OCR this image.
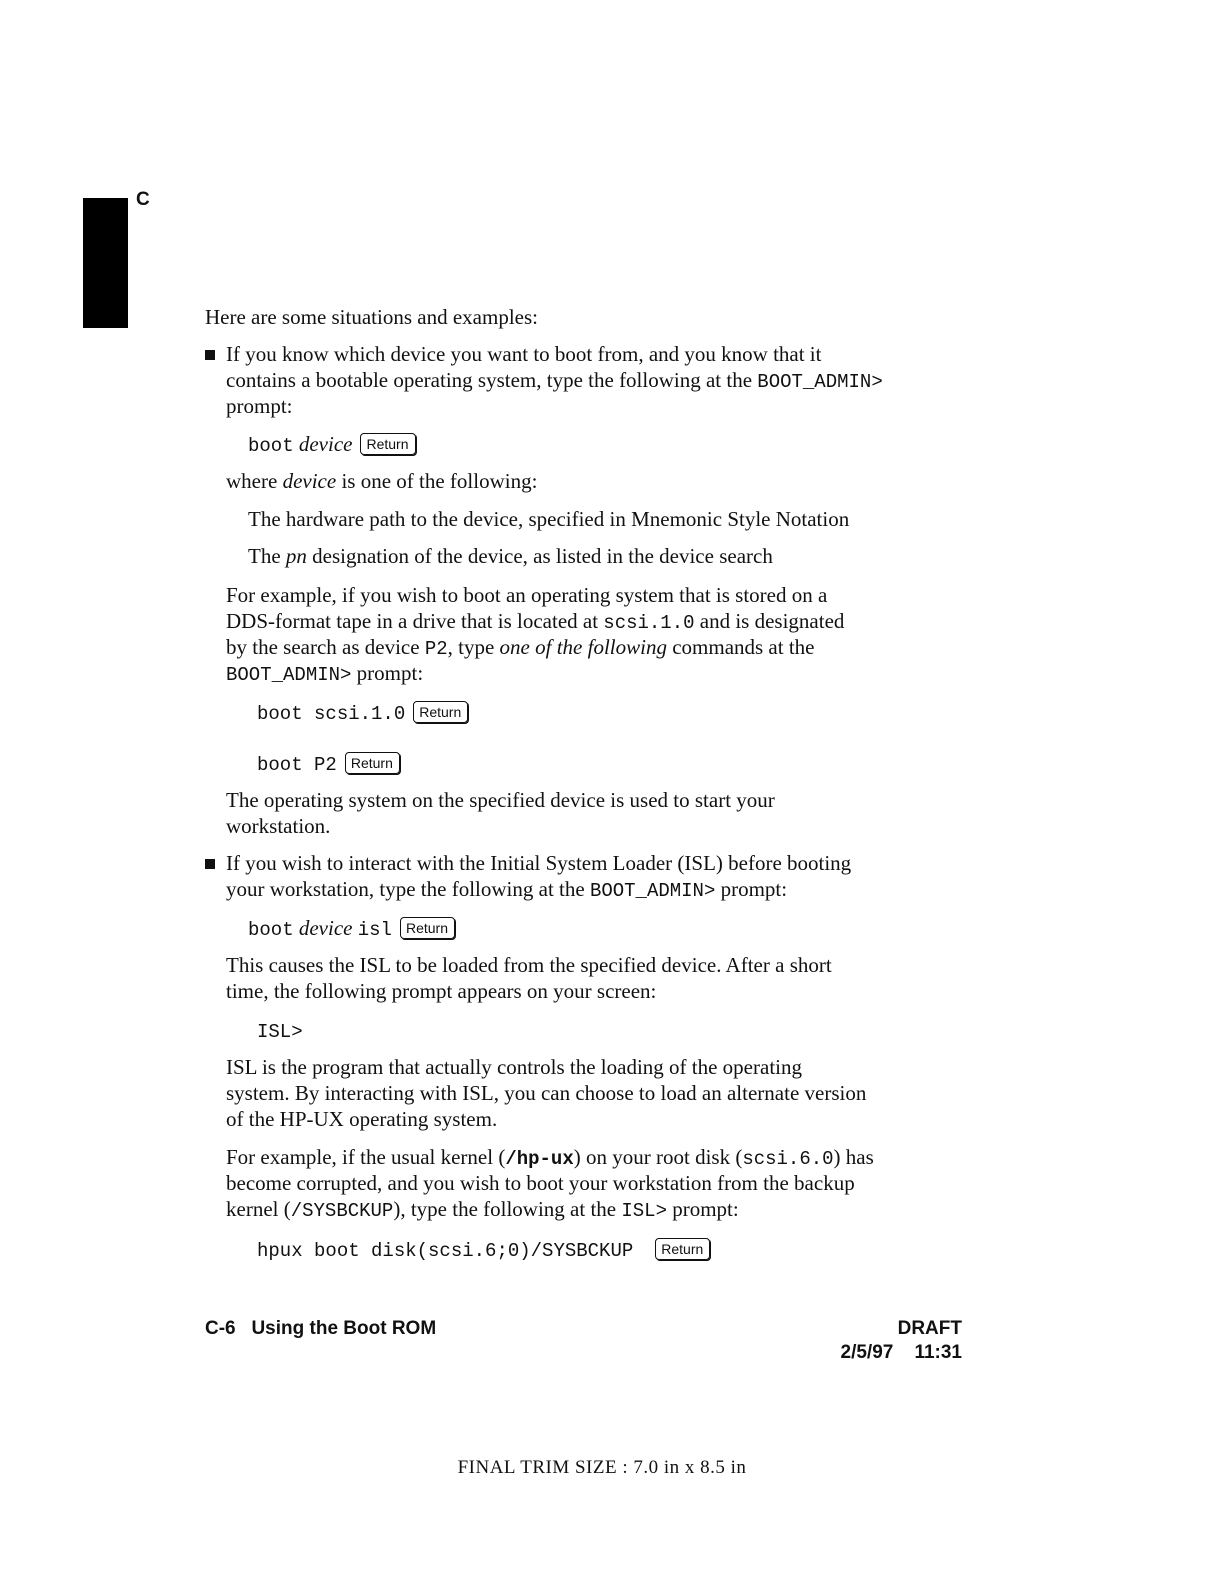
C
Here are some situations and examples:
If you know which device you want to boot from, and you know that it
contains a bootable operating system, type the following at the BOOT_ADMIN>
prompt:
boot device Return
where device is one of the following:
The hardware path to the device, specified in Mnemonic Style Notation
The pn designation of the device, as listed in the device search
For example, if you wish to boot an operating system that is stored on a
DDS-format tape in a drive that is located at scsi.1.0 and is designated
by the search as device P2, type one of the following commands at the
BOOT_ADMIN> prompt:
boot scsi.1.0 Return
boot P2 Return
The operating system on the specified device is used to start your
workstation.
If you wish to interact with the Initial System Loader (ISL) before booting
your workstation, type the following at the BOOT_ADMIN> prompt:
boot device isl Return
This causes the ISL to be loaded from the specified device. After a short
time, the following prompt appears on your screen:
ISL>
ISL is the program that actually controls the loading of the operating
system. By interacting with ISL, you can choose to load an alternate version
of the HP-UX operating system.
For example, if the usual kernel (/hp-ux) on your root disk (scsi.6.0) has
become corrupted, and you wish to boot your workstation from the backup
kernel (/SYSBCKUP), type the following at the ISL> prompt:
hpux boot disk(scsi.6;0)/SYSBCKUP Return
C-6   Using the Boot ROM	DRAFT
2/5/97    11:31
FINAL TRIM SIZE : 7.0 in x 8.5 in
